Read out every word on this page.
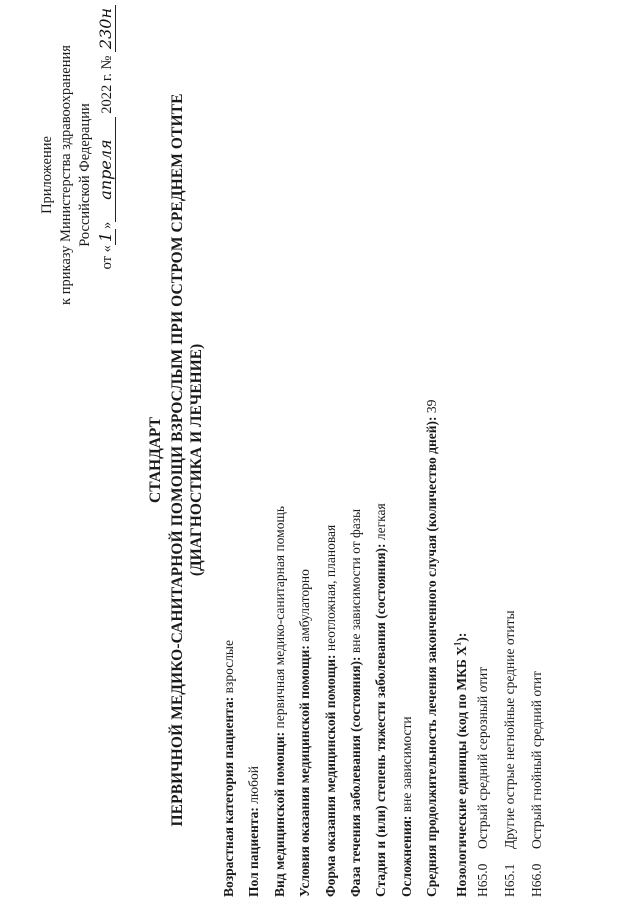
Приложение к приказу Министерства здравоохранения Российской Федерации
от «1»апреля 2022 г. № 230н
СТАНДАРТ ПЕРВИЧНОЙ МЕДИКО-САНИТАРНОЙ ПОМОЩИ ВЗРОСЛЫМ ПРИ ОСТРОМ СРЕДНЕМ ОТИТЕ (ДИАГНОСТИКА И ЛЕЧЕНИЕ)
Возрастная категория пациента: взрослые
Пол пациента: любой Вид медицинской помощи: первичная медико-санитарная помощь
Условия оказания медицинской помощи: амбулаторно
Форма оказания медицинской помощи: неотложная, плановая
Фаза течения заболевания (состояния): вне зависимости от фазы Стадия и (или) степень тяжести заболевания (состояния): легкая
Осложнения: вне зависимости Средняя продолжительность лечения законченного случая (количество дней): 39
Нозологические единицы (код по МКБ $X^1$):
H65.0Острый средний серозный отит
H65.1Другие острые негнойные средние отиты
H66.0Острый гнойный средний отит
